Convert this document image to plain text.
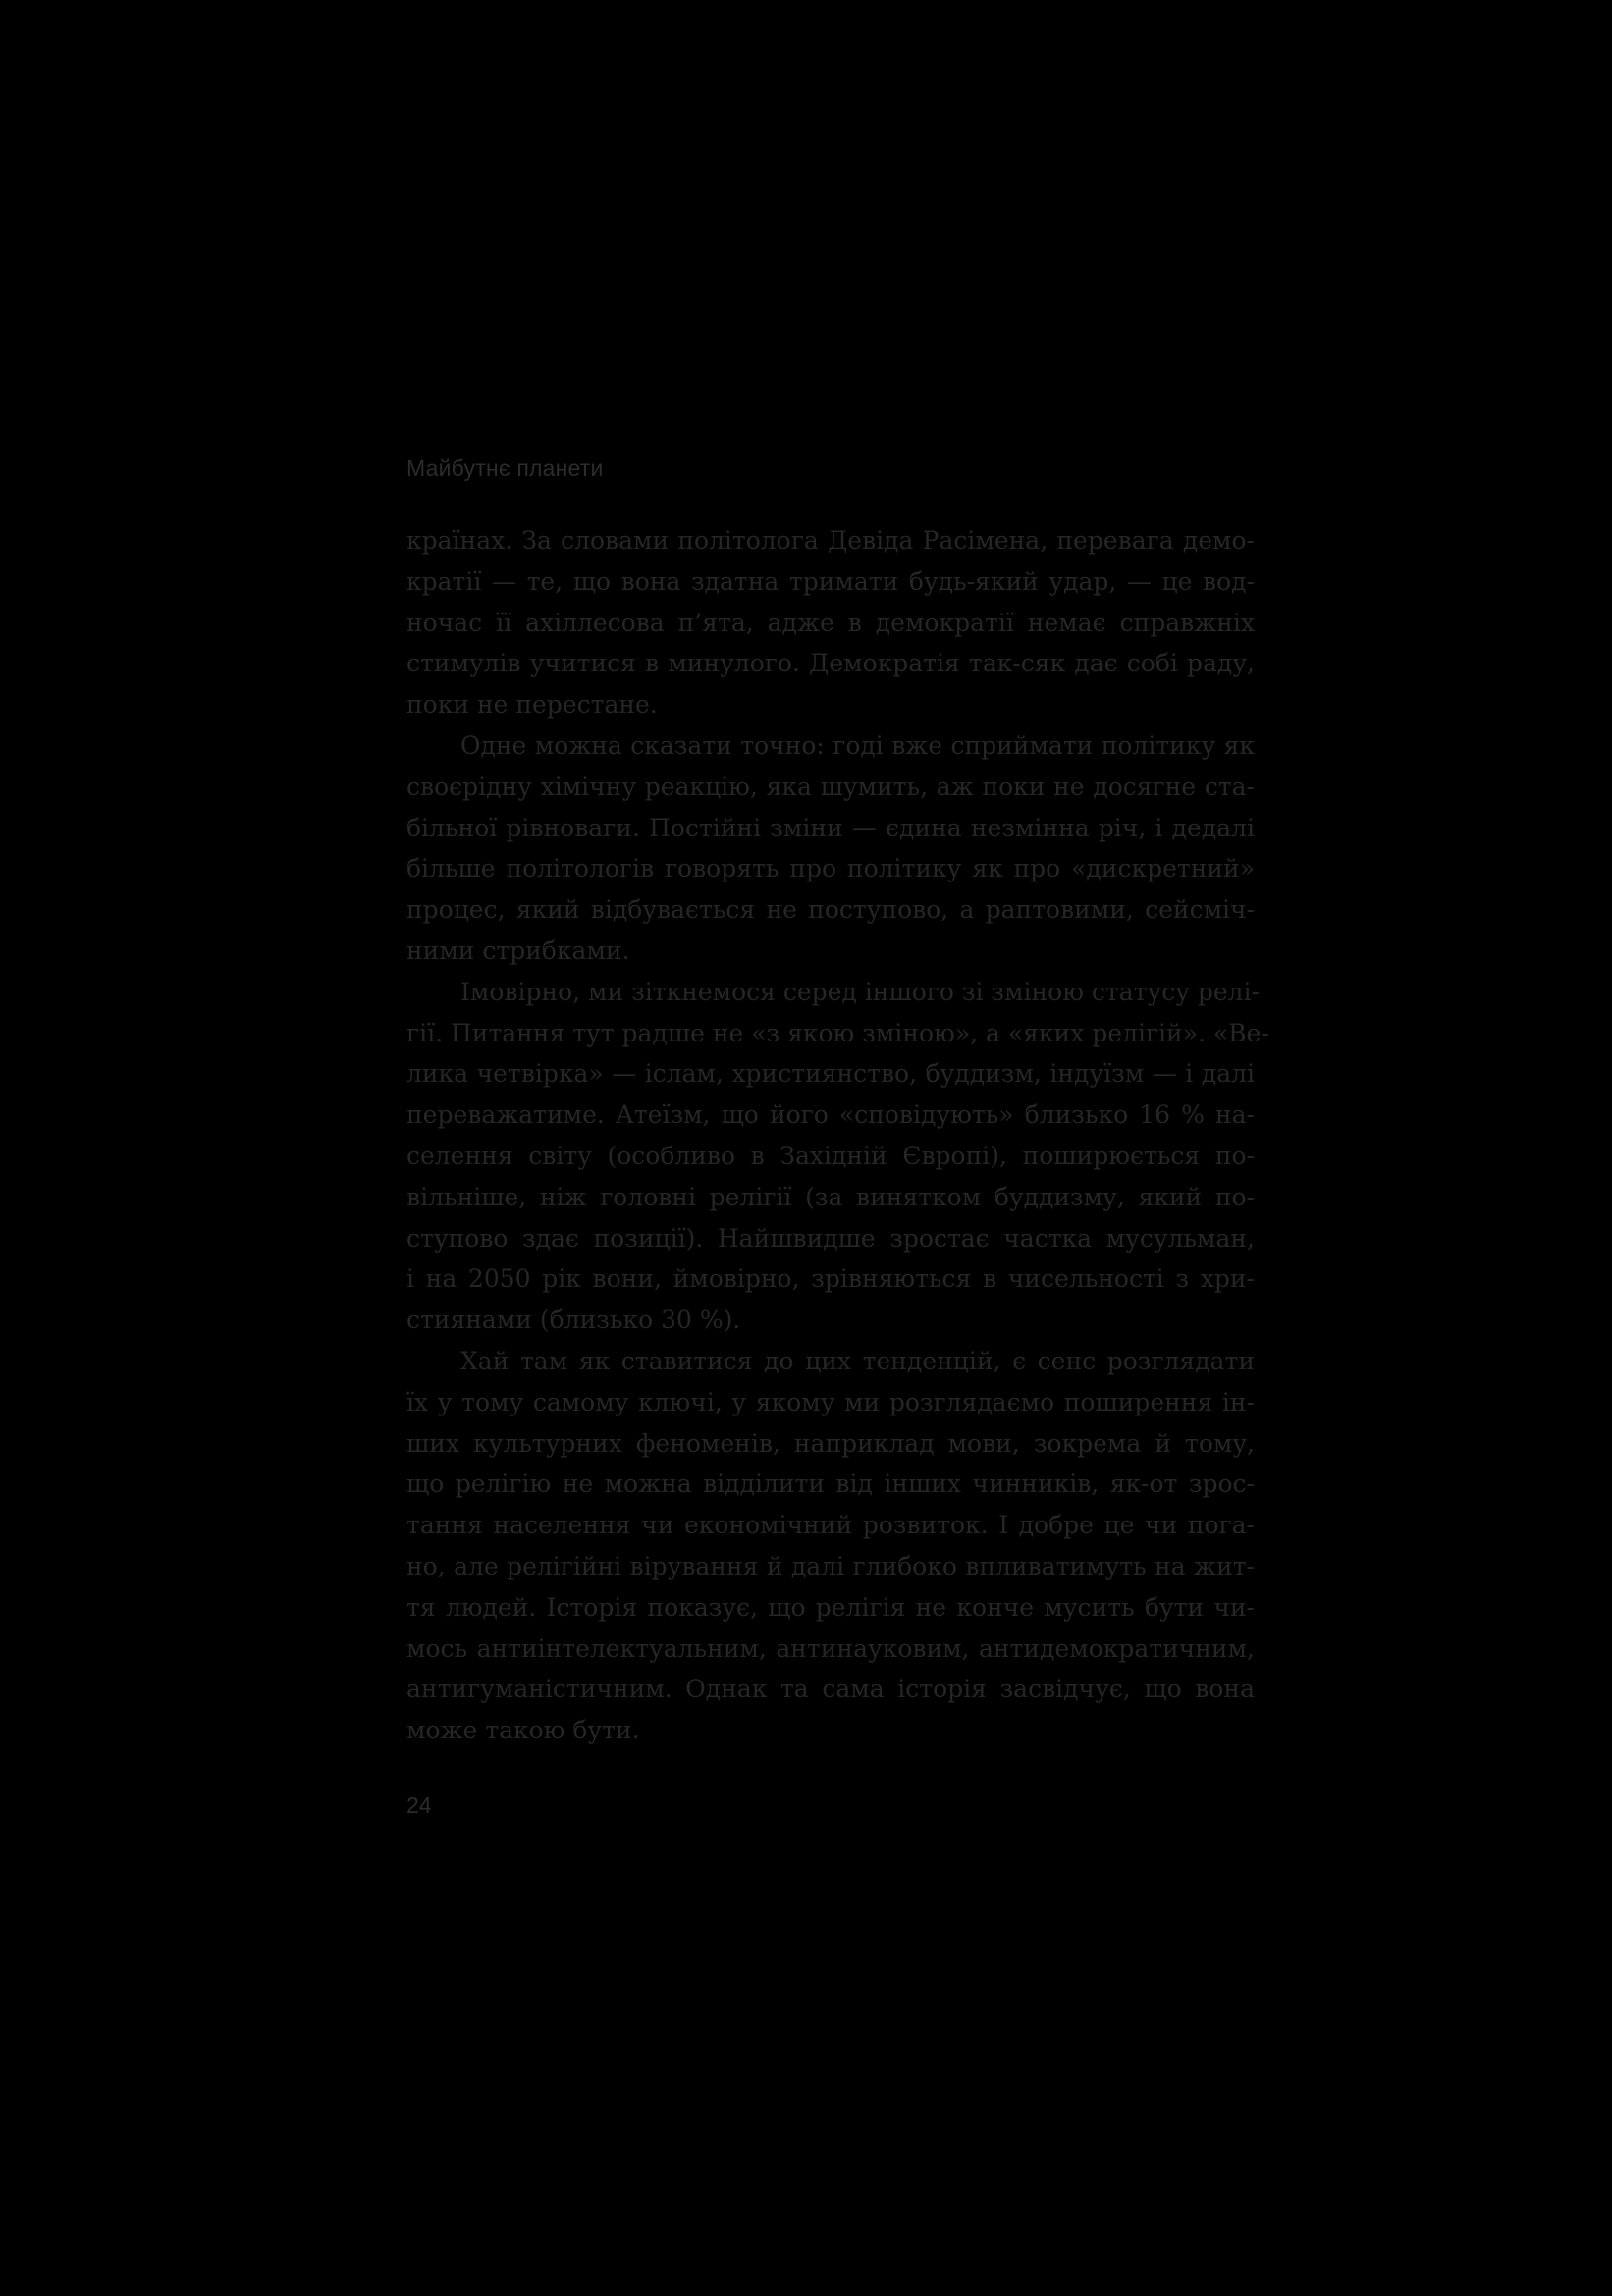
Майбутнє планети
країнах. За словами політолога Девіда Расімена, перевага демо-
кратії — те, що вона здатна тримати будь-який удар, — це вод-
ночас її ахіллесова п’ята, адже в демократії немає справжніх
стимулів учитися в минулого. Демократія так-сяк дає собі раду,
поки не перестане.
Одне можна сказати точно: годі вже сприймати політику як
своєрідну хімічну реакцію, яка шумить, аж поки не досягне ста-
більної рівноваги. Постійні зміни — єдина незмінна річ, і дедалі
більше політологів говорять про політику як про «дискретний»
процес, який відбувається не поступово, а раптовими, сейсміч-
ними стрибками.
Імовірно, ми зіткнемося серед іншого зі зміною статусу релі-
гії. Питання тут радше не «з якою зміною», а «яких релігій». «Ве-
лика четвірка» — іслам, християнство, буддизм, індуїзм — і далі
переважатиме. Атеїзм, що його «сповідують» близько 16 % на-
селення світу (особливо в Західній Європі), поширюється по-
вільніше, ніж головні релігії (за винятком буддизму, який по-
ступово здає позиції). Найшвидше зростає частка мусульман,
і на 2050 рік вони, ймовірно, зрівняються в чисельності з хри-
стиянами (близько 30 %).
Хай там як ставитися до цих тенденцій, є сенс розглядати
їх у тому самому ключі, у якому ми розглядаємо поширення ін-
ших культурних феноменів, наприклад мови, зокрема й тому,
що релігію не можна відділити від інших чинників, як-от зрос-
тання населення чи економічний розвиток. І добре це чи пога-
но, але релігійні вірування й далі глибоко впливатимуть на жит-
тя людей. Історія показує, що релігія не конче мусить бути чи-
мось антиінтелектуальним, антинауковим, антидемократичним,
антигуманістичним. Однак та сама історія засвідчує, що вона
може такою бути.
24
